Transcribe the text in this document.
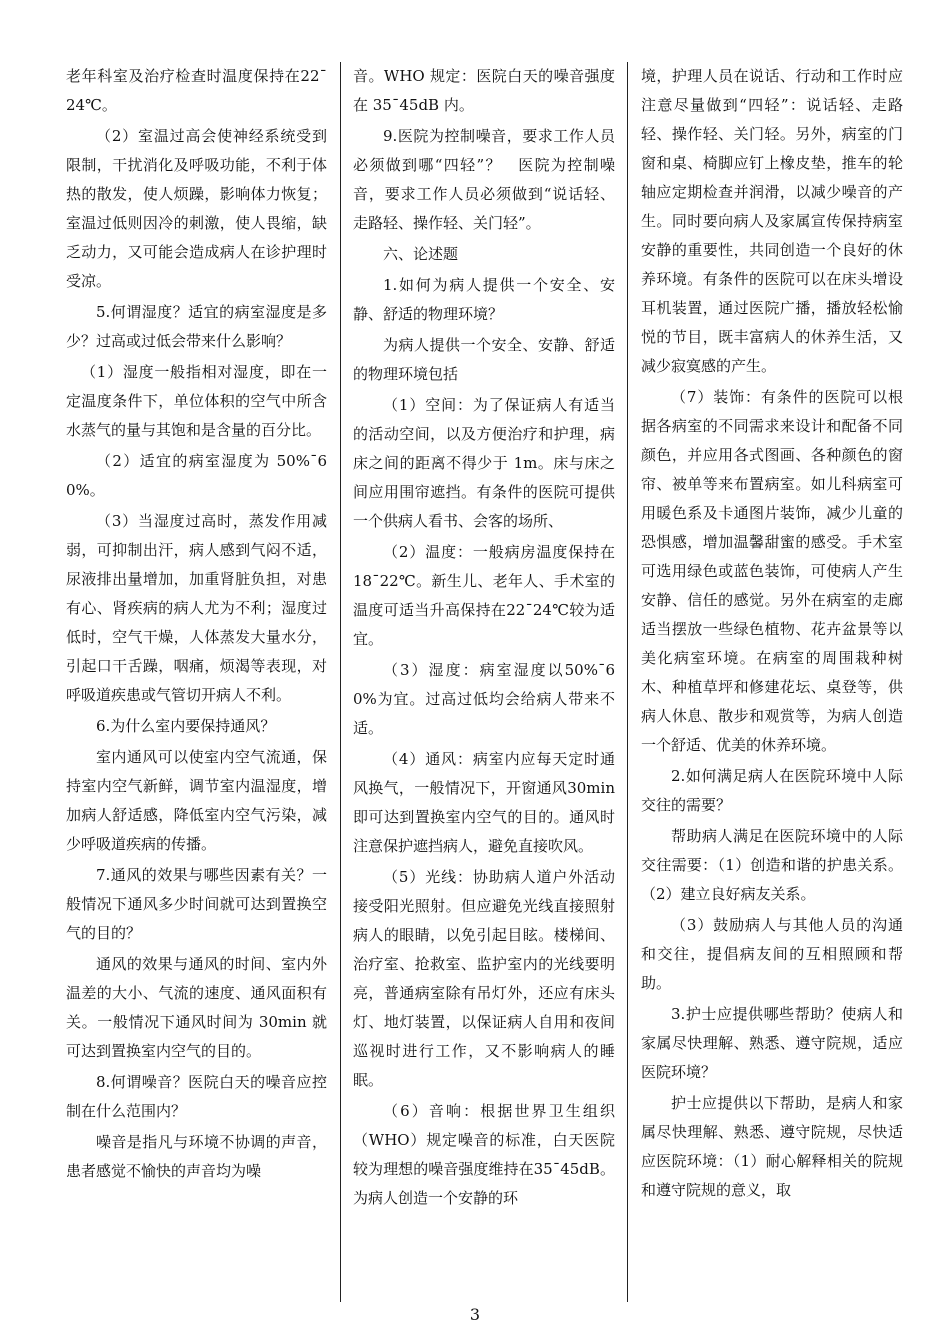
老年科室及治疗检查时温度保持在22¯24℃。

（2）室温过高会使神经系统受到限制，干扰消化及呼吸功能，不利于体热的散发，使人烦躁，影响体力恢复；室温过低则因冷的刺激，使人畏缩，缺乏动力，又可能会造成病人在诊护理时受凉。

5.何谓湿度？适宜的病室湿度是多少？过高或过低会带来什么影响？

（1）湿度一般指相对湿度，即在一定温度条件下，单位体积的空气中所含水蒸气的量与其饱和是含量的百分比。

（2）适宜的病室湿度为 50%¯60%。

（3）当湿度过高时，蒸发作用减弱，可抑制出汗，病人感到气闷不适，尿液排出量增加，加重肾脏负担，对患有心、肾疾病的病人尤为不利；湿度过低时，空气干燥，人体蒸发大量水分，引起口干舌躁，咽痛，烦渴等表现，对呼吸道疾患或气管切开病人不利。

6.为什么室内要保持通风？

室内通风可以使室内空气流通，保持室内空气新鲜，调节室内温湿度，增加病人舒适感，降低室内空气污染，减少呼吸道疾病的传播。

7.通风的效果与哪些因素有关？一般情况下通风多少时间就可达到置换空气的目的？

通风的效果与通风的时间、室内外温差的大小、气流的速度、通风面积有关。一般情况下通风时间为 30min 就可达到置换室内空气的目的。

8.何谓噪音？医院白天的噪音应控制在什么范围内？

噪音是指凡与环境不协调的声音，患者感觉不愉快的声音均为噪

音。WHO 规定：医院白天的噪音强度在 35¯45dB 内。

9.医院为控制噪音，要求工作人员必须做到哪“四轻”？　医院为控制噪音，要求工作人员必须做到“说话轻、走路轻、操作轻、关门轻”。

六、论述题

1.如何为病人提供一个安全、安静、舒适的物理环境？

为病人提供一个安全、安静、舒适的物理环境包括

（1）空间：为了保证病人有适当的活动空间，以及方便治疗和护理，病床之间的距离不得少于 1m。床与床之间应用围帘遮挡。有条件的医院可提供一个供病人看书、会客的场所、

（2）温度：一般病房温度保持在 18¯22℃。新生儿、老年人、手术室的温度可适当升高保持在22¯24℃较为适宜。

（3）湿度：病室湿度以50%¯60%为宜。过高过低均会给病人带来不适。

（4）通风：病室内应每天定时通风换气，一般情况下，开窗通风30min 即可达到置换室内空气的目的。通风时注意保护遮挡病人，避免直接吹风。

（5）光线：协助病人道户外活动接受阳光照射。但应避免光线直接照射病人的眼睛，以免引起目眩。楼梯间、治疗室、抢救室、监护室内的光线要明亮，普通病室除有吊灯外，还应有床头灯、地灯装置，以保证病人自用和夜间巡视时进行工作，又不影响病人的睡眠。

（6）音响：根据世界卫生组织（WHO）规定噪音的标准，白天医院较为理想的噪音强度维持在35¯45dB。为病人创造一个安静的环

境，护理人员在说话、行动和工作时应注意尽量做到“四轻”：说话轻、走路轻、操作轻、关门轻。另外，病室的门窗和桌、椅脚应钉上橡皮垫，推车的轮轴应定期检查并润滑，以减少噪音的产生。同时要向病人及家属宣传保持病室安静的重要性，共同创造一个良好的休养环境。有条件的医院可以在床头增设耳机装置，通过医院广播，播放轻松愉悦的节目，既丰富病人的休养生活，又减少寂寞感的产生。

（7）装饰：有条件的医院可以根据各病室的不同需求来设计和配备不同颜色，并应用各式图画、各种颜色的窗帘、被单等来布置病室。如儿科病室可用暖色系及卡通图片装饰，减少儿童的恐惧感，增加温馨甜蜜的感受。手术室可选用绿色或蓝色装饰，可使病人产生安静、信任的感觉。另外在病室的走廊适当摆放一些绿色植物、花卉盆景等以美化病室环境。在病室的周围栽种树木、种植草坪和修建花坛、桌登等，供病人休息、散步和观赏等，为病人创造一个舒适、优美的休养环境。

2.如何满足病人在医院环境中人际交往的需要？

帮助病人满足在医院环境中的人际交往需要：（1）创造和谐的护患关系。（2）建立良好病友关系。

（3）鼓励病人与其他人员的沟通和交往，提倡病友间的互相照顾和帮助。

3.护士应提供哪些帮助？使病人和家属尽快理解、熟悉、遵守院规，适应医院环境？

护士应提供以下帮助，是病人和家属尽快理解、熟悉、遵守院规，尽快适应医院环境：（1）耐心解释相关的院规和遵守院规的意义，取

3
